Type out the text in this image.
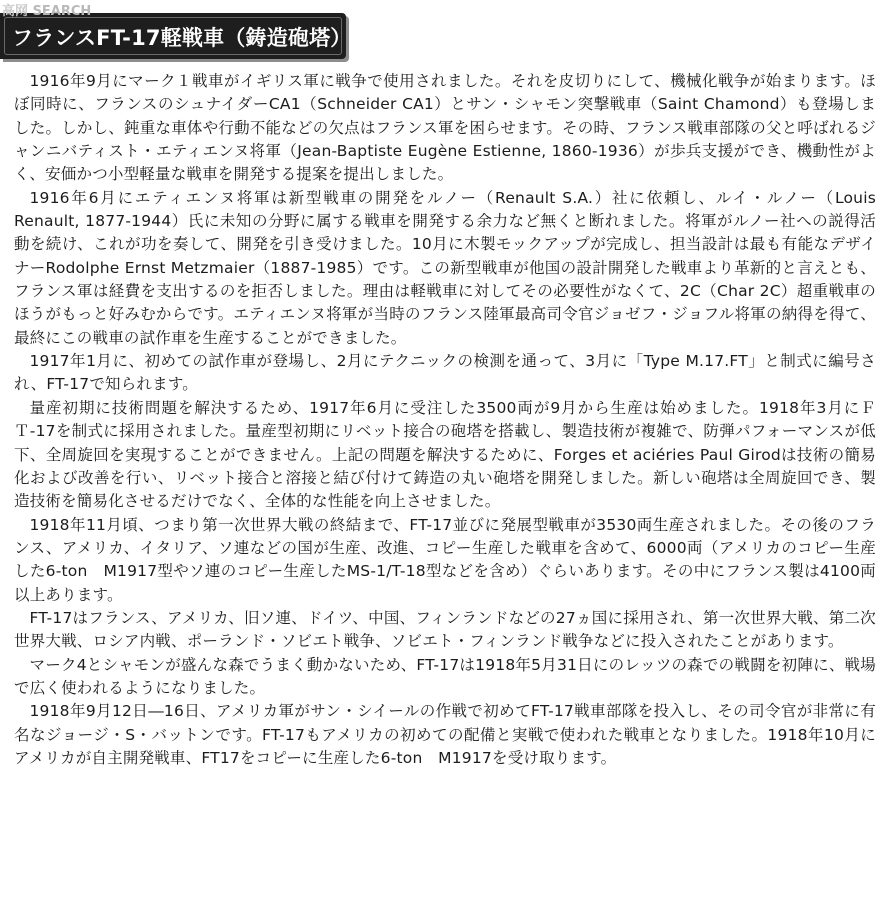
高网 SEARCH
フランスFT-17軽戦車（鋳造砲塔）

1916年9月にマーク１戦車がイギリス軍に戦争で使用されました。それを皮切りにして、機械化戦争が始まります。ほぼ同時に、フランスのシュナイダーCA1（Schneider CA1）とサン・シャモン突撃戦車（Saint Chamond）も登場しました。しかし、鈍重な車体や行動不能などの欠点はフランス軍を困らせます。その時、フランス戦車部隊の父と呼ばれるジャンニバティスト・エティエンヌ将軍（Jean-Baptiste Eugène Estienne, 1860-1936）が歩兵支援ができ、機動性がよく、安価かつ小型軽量な戦車を開発する提案を提出しました。

1916年6月にエティエンヌ将軍は新型戦車の開発をルノー（Renault S.A.）社に依頼し、ルイ・ルノー（Louis Renault, 1877-1944）氏に未知の分野に属する戦車を開発する余力など無くと断れました。将軍がルノー社への説得活動を続け、これが功を奏して、開発を引き受けました。10月に木製モックアップが完成し、担当設計は最も有能なデザイナーRodolphe Ernst Metzmaier（1887-1985）です。この新型戦車が他国の設計開発した戦車より革新的と言えとも、フランス軍は経費を支出するのを拒否しました。理由は軽戦車に対してその必要性がなくて、2C（Char 2C）超重戦車のほうがもっと好みむからです。エティエンヌ将軍が当時のフランス陸軍最高司令官ジョゼフ・ジョフル将軍の納得を得て、最終にこの戦車の試作車を生産することができました。

1917年1月に、初めての試作車が登場し、2月にテクニックの検測を通って、3月に「Type M.17.FT」と制式に編号され、FT-17で知られます。

量産初期に技術問題を解決するため、1917年6月に受注した3500両が9月から生産は始めました。1918年3月にＦＴ-17を制式に採用されました。量産型初期にリベット接合の砲塔を搭載し、製造技術が複雑で、防弾パフォーマンスが低下、全周旋回を実現することができません。上記の問題を解決するために、Forges et aciéries Paul Girodは技術の簡易化および改善を行い、リベット接合と溶接と結び付けて鋳造の丸い砲塔を開発しました。新しい砲塔は全周旋回でき、製造技術を簡易化させるだけでなく、全体的な性能を向上させました。

1918年11月頃、つまり第一次世界大戦の終結まで、FT-17並びに発展型戦車が3530両生産されました。その後のフランス、アメリカ、イタリア、ソ連などの国が生産、改進、コピー生産した戦車を含めて、6000両（アメリカのコピー生産した6-ton　M1917型やソ連のコピー生産したMS-1/T-18型などを含め）ぐらいあります。その中にフランス製は4100両以上あります。

FT-17はフランス、アメリカ、旧ソ連、ドイツ、中国、フィンランドなどの27ヵ国に採用され、第一次世界大戦、第二次世界大戦、ロシア内戦、ポーランド・ソビエト戦争、ソビエト・フィンランド戦争などに投入されたことがあります。

マーク4とシャモンが盛んな森でうまく動かないため、FT-17は1918年5月31日にのレッツの森での戦闘を初陣に、戦場で広く使われるようになりました。

1918年9月12日―16日、アメリカ軍がサン・シイールの作戦で初めてFT-17戦車部隊を投入し、その司令官が非常に有名なジョージ・S・バットンです。FT-17もアメリカの初めての配備と実戦で使われた戦車となりました。1918年10月にアメリカが自主開発戦車、FT17をコピーに生産した6-ton　M1917を受け取ります。
